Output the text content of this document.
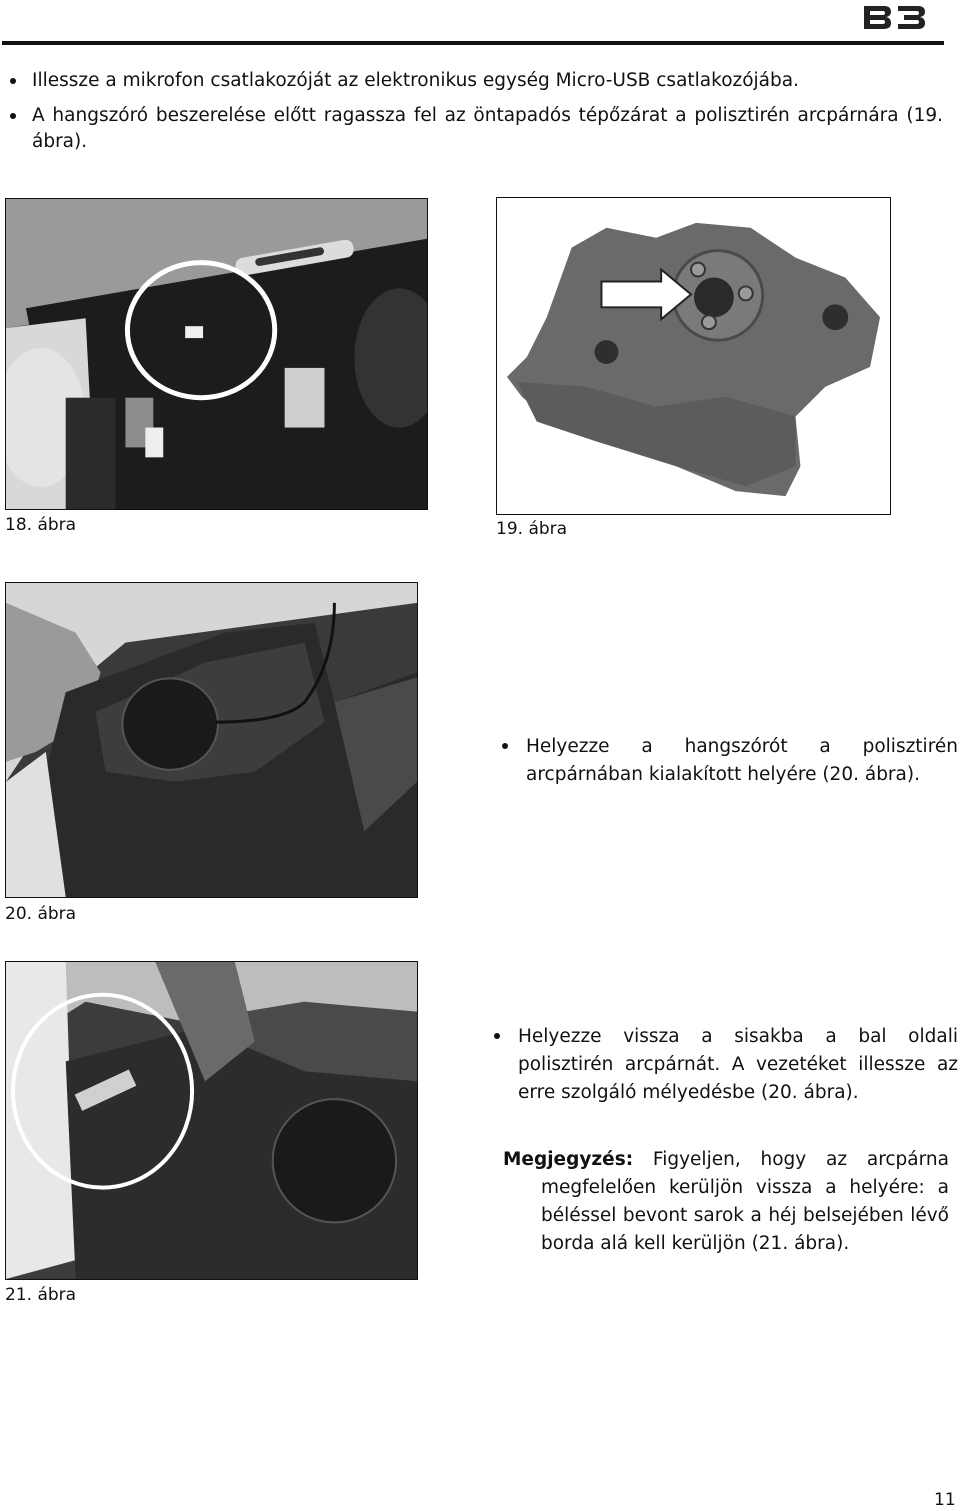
Illessze a mikrofon csatlakozóját az elektronikus egység Micro-USB csatlakozójába.
A hangszóró beszerelése előtt ragassza fel az öntapadós tépőzárat a polisztirén arcpárnára (19. ábra).
18. ábra	19. ábra
20. ábra
Helyezze a hangszórót a polisztirén arcpárnában kialakított helyére (20. ábra).
21. ábra
Helyezze vissza a sisakba a bal oldali polisztirén arcpárnát. A vezetéket illessze az erre szolgáló mélyedésbe (20. ábra).
Megjegyzés: Figyeljen, hogy az arcpárna
megfelelően kerüljön vissza a helyére: a béléssel bevont sarok a héj belsejében lévő borda alá kell kerüljön (21. ábra).
11
